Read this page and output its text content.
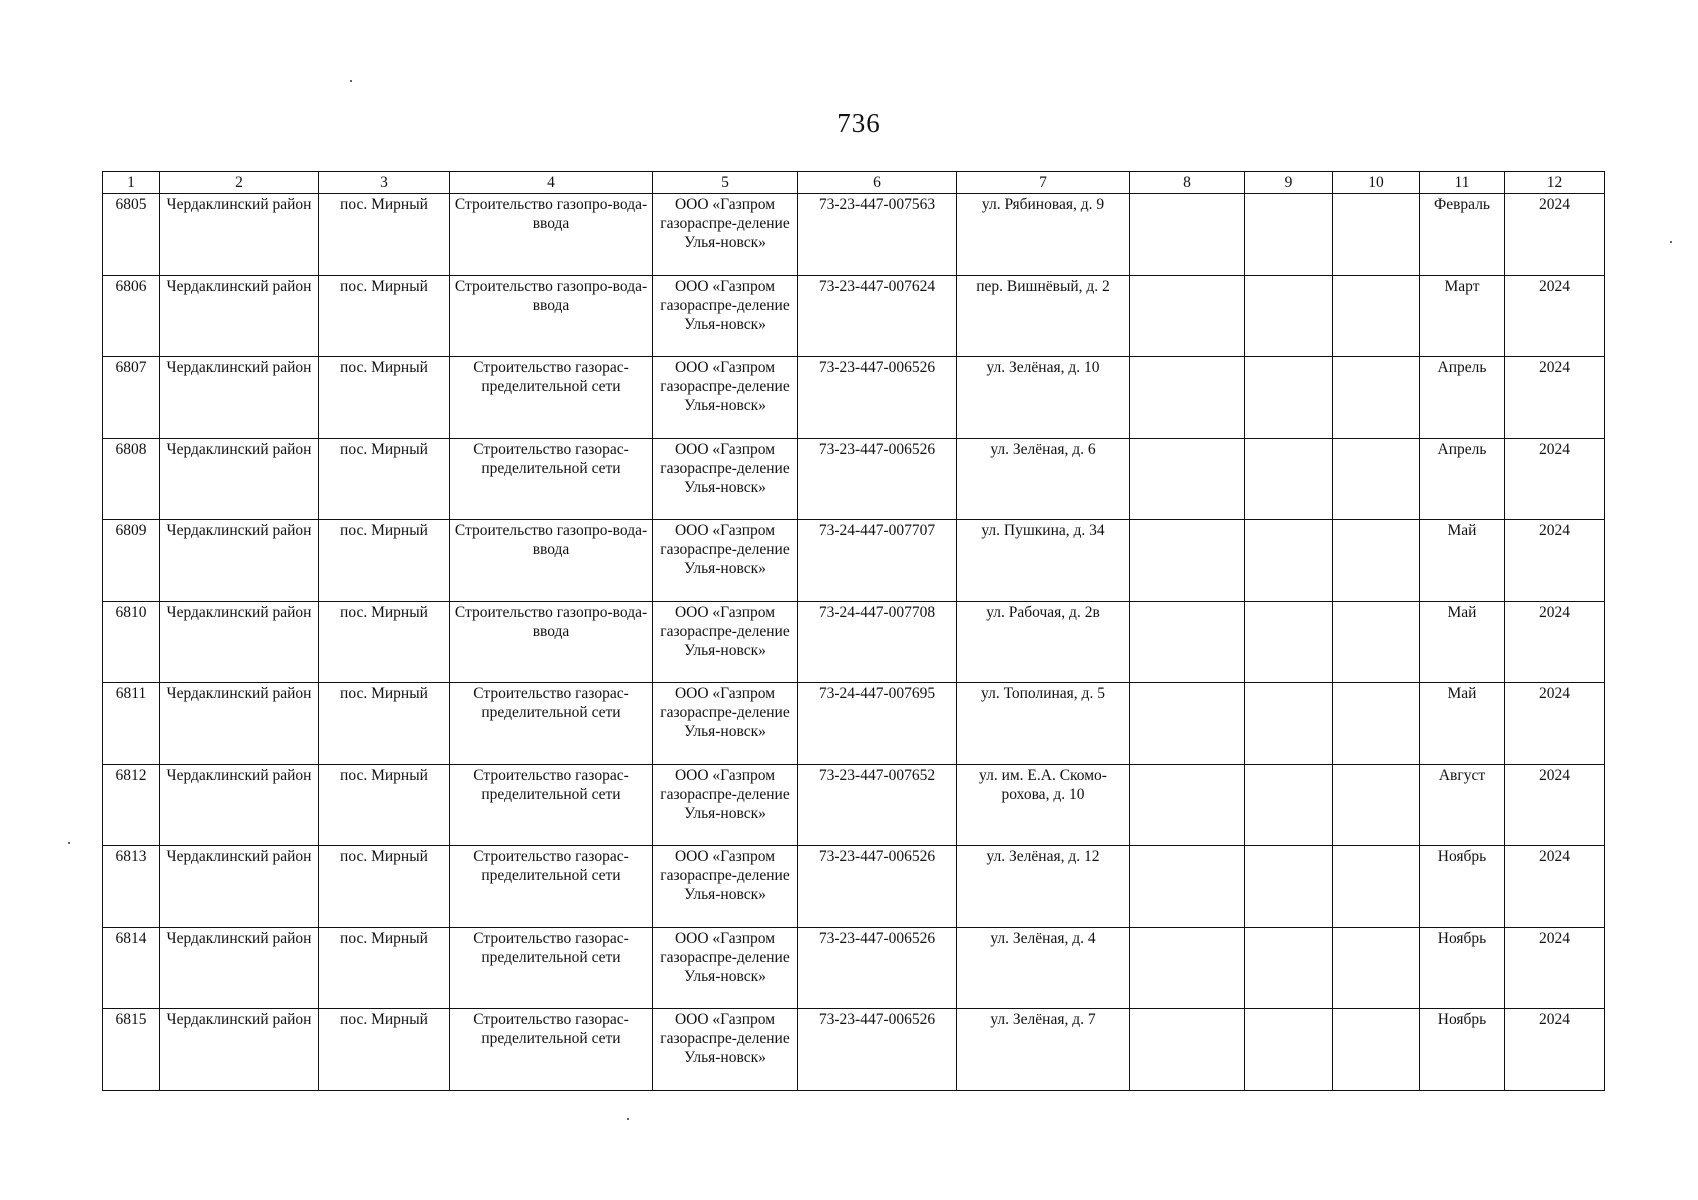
736
1	2	3	4	5	6	7	8	9	10	11	12
6805	Чердаклинский район	пос. Мирный	Строительство газопро-вода-ввода	ООО «Газпром газораспре-деление Улья-новск»	73-23-447-007563	ул. Рябиновая, д. 9				Февраль	2024
6806	Чердаклинский район	пос. Мирный	Строительство газопро-вода-ввода	ООО «Газпром газораспре-деление Улья-новск»	73-23-447-007624	пер. Вишнёвый, д. 2				Март	2024
6807	Чердаклинский район	пос. Мирный	Строительство газорас-пределительной сети	ООО «Газпром газораспре-деление Улья-новск»	73-23-447-006526	ул. Зелёная, д. 10				Апрель	2024
6808	Чердаклинский район	пос. Мирный	Строительство газорас-пределительной сети	ООО «Газпром газораспре-деление Улья-новск»	73-23-447-006526	ул. Зелёная, д. 6				Апрель	2024
6809	Чердаклинский район	пос. Мирный	Строительство газопро-вода-ввода	ООО «Газпром газораспре-деление Улья-новск»	73-24-447-007707	ул. Пушкина, д. 34				Май	2024
6810	Чердаклинский район	пос. Мирный	Строительство газопро-вода-ввода	ООО «Газпром газораспре-деление Улья-новск»	73-24-447-007708	ул. Рабочая, д. 2в				Май	2024
6811	Чердаклинский район	пос. Мирный	Строительство газорас-пределительной сети	ООО «Газпром газораспре-деление Улья-новск»	73-24-447-007695	ул. Тополиная, д. 5				Май	2024
6812	Чердаклинский район	пос. Мирный	Строительство газорас-пределительной сети	ООО «Газпром газораспре-деление Улья-новск»	73-23-447-007652	ул. им. Е.А. Скомо-рохова, д. 10				Август	2024
6813	Чердаклинский район	пос. Мирный	Строительство газорас-пределительной сети	ООО «Газпром газораспре-деление Улья-новск»	73-23-447-006526	ул. Зелёная, д. 12				Ноябрь	2024
6814	Чердаклинский район	пос. Мирный	Строительство газорас-пределительной сети	ООО «Газпром газораспре-деление Улья-новск»	73-23-447-006526	ул. Зелёная, д. 4				Ноябрь	2024
6815	Чердаклинский район	пос. Мирный	Строительство газорас-пределительной сети	ООО «Газпром газораспре-деление Улья-новск»	73-23-447-006526	ул. Зелёная, д. 7				Ноябрь	2024
